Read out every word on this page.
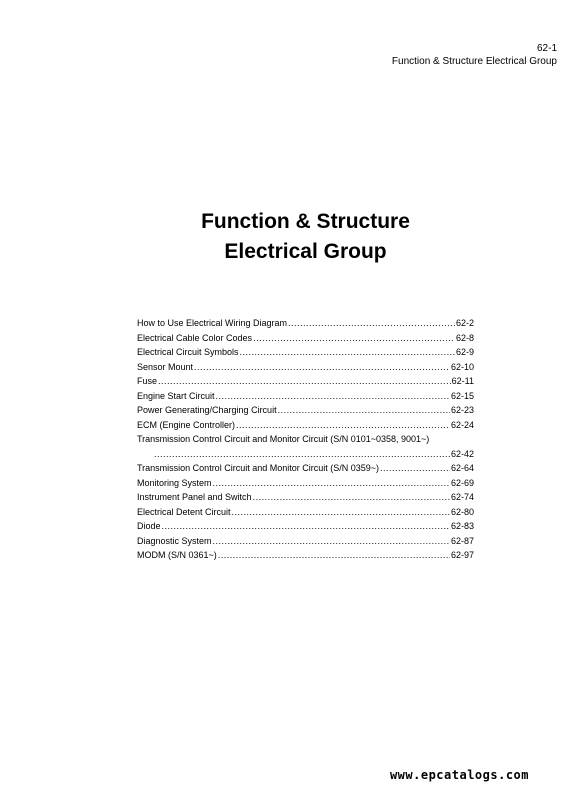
62-1
Function & Structure Electrical Group
Function & Structure
Electrical Group
How to Use Electrical Wiring Diagram .....	62-2
Electrical Cable Color Codes .....	62-8
Electrical Circuit Symbols .....	62-9
Sensor Mount .....	62-10
Fuse .....	62-11
Engine Start Circuit .....	62-15
Power Generating/Charging Circuit .....	62-23
ECM (Engine Controller) .....	62-24
Transmission Control Circuit and Monitor Circuit (S/N 0101~0358, 9001~)
.....
62-42
Transmission Control Circuit and Monitor Circuit (S/N 0359~) .....	62-64
Monitoring System .....	62-69
Instrument Panel and Switch .....	62-74
Electrical Detent Circuit .....	62-80
Diode .....	62-83
Diagnostic System .....	62-87
MODM (S/N 0361~) .....	62-97
www.epcatalogs.com
